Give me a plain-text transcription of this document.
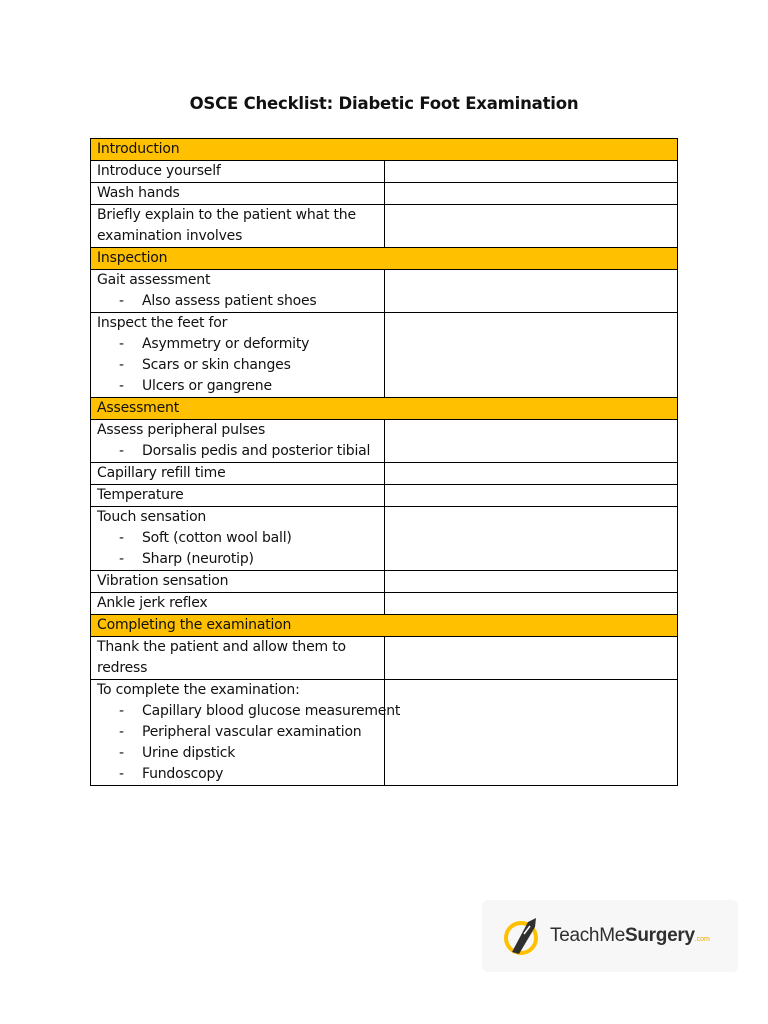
OSCE Checklist: Diabetic Foot Examination
Introduction	

Introduce yourself	

Wash hands	

Briefly explain to the patient what the examination involves	

Inspection	

Gait assessment
- Also assess patient shoes	

Inspect the feet for
- Asymmetry or deformity
- Scars or skin changes
- Ulcers or gangrene	

Assessment	

Assess peripheral pulses
- Dorsalis pedis and posterior tibial	

Capillary refill time	

Temperature	

Touch sensation
- Soft (cotton wool ball)
- Sharp (neurotip)	

Vibration sensation	

Ankle jerk reflex	

Completing the examination	

Thank the patient and allow them to redress	

To complete the examination:
- Capillary blood glucose measurement
- Peripheral vascular examination
- Urine dipstick
- Fundoscopy	

TeachMeSurgery.com
